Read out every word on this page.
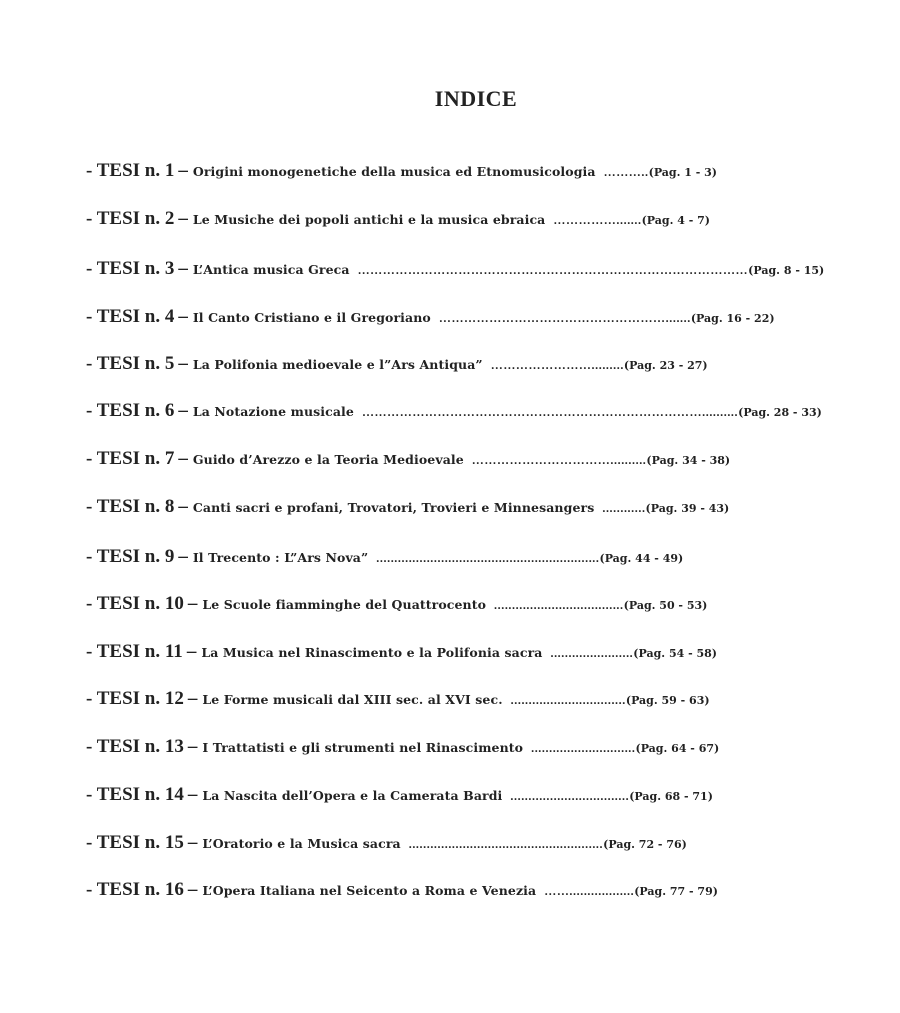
INDICE
- TESI n. 1 – Origini monogenetiche della musica ed Etnomusicologia ……….. (Pag. 1 - 3)
- TESI n. 2 – Le Musiche dei popoli antichi e la musica ebraica ……………....... (Pag. 4 - 7)
- TESI n. 3 – L’Antica musica Greca ………………………………………………………………………………… (Pag. 8 - 15)
- TESI n. 4 – Il Canto Cristiano e il Gregoriano ………………………………………………....... (Pag. 16 - 22)
- TESI n. 5 – La Polifonia medioevale e l”Ars Antiqua” ……………………......... (Pag. 23 - 27)
- TESI n. 6 – La Notazione musicale ……………………………………………………………………….......... (Pag. 28 - 33)
- TESI n. 7 – Guido d’Arezzo e la Teoria Medioevale …………………………….......... (Pag. 34 - 38)
- TESI n. 8 – Canti sacri e profani, Trovatori, Trovieri e Minnesangers ............ (Pag. 39 - 43)
- TESI n. 9 – Il Trecento : L”Ars Nova” .............................................................. (Pag. 44 - 49)
- TESI n. 10 – Le Scuole fiamminghe del Quattrocento .................................... (Pag. 50 - 53)
- TESI n. 11 – La Musica nel Rinascimento e la Polifonia sacra ....................... (Pag. 54 - 58)
- TESI n. 12 – Le Forme musicali dal XIII sec. al XVI sec. ................................ (Pag. 59 - 63)
- TESI n. 13 – I Trattatisti e gli strumenti nel Rinascimento ............................. (Pag. 64 - 67)
- TESI n. 14 – La Nascita dell’Opera e la Camerata Bardi ................................. (Pag. 68 - 71)
- TESI n. 15 – L’Oratorio e la Musica sacra ...................................................... (Pag. 72 - 76)
- TESI n. 16 – L’Opera Italiana nel Seicento a Roma e Venezia …….................. (Pag. 77 - 79)
